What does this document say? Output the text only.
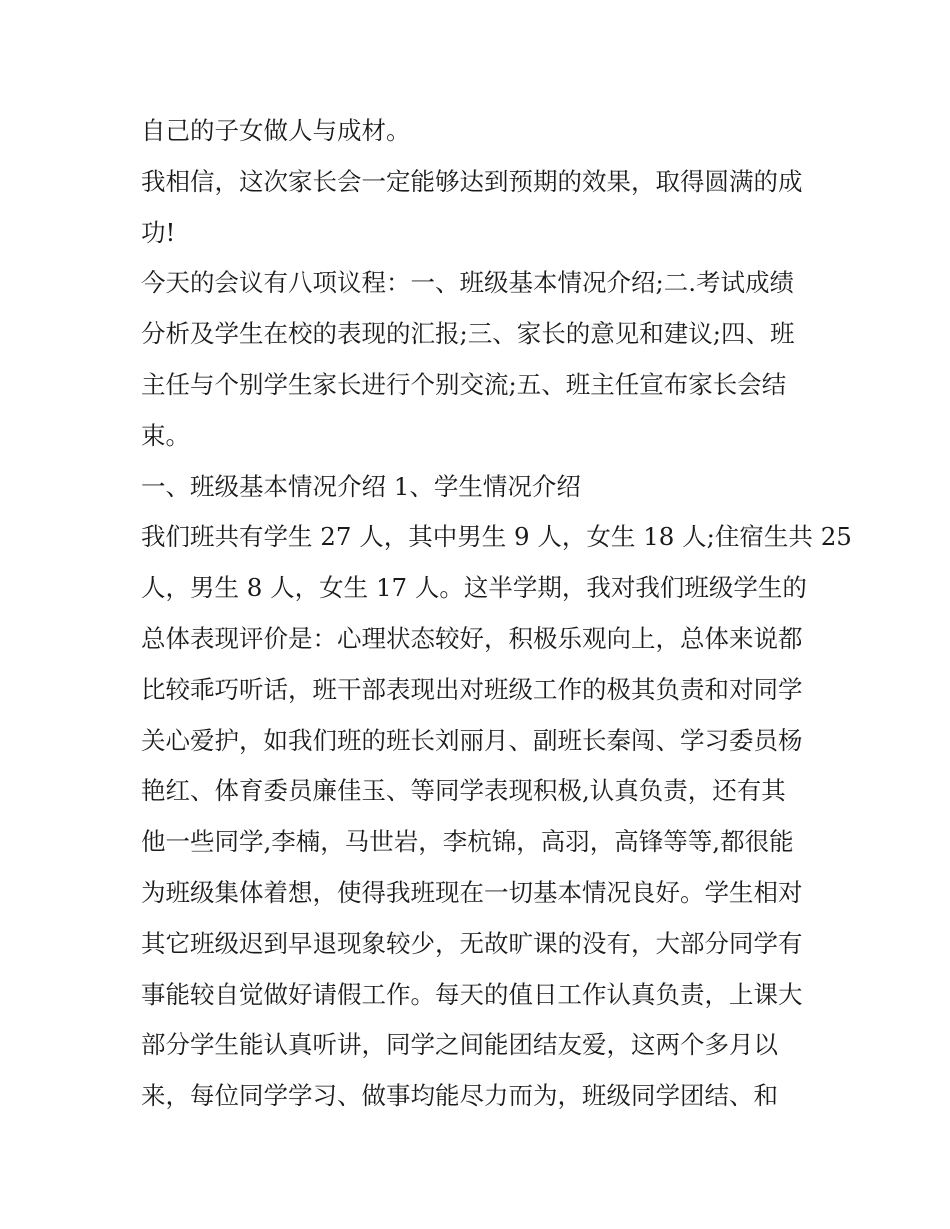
自己的子女做人与成材。
我相信，这次家长会一定能够达到预期的效果，取得圆满的成
功!
今天的会议有八项议程：一、班级基本情况介绍;二.考试成绩
分析及学生在校的表现的汇报;三、家长的意见和建议;四、班
主任与个别学生家长进行个别交流;五、班主任宣布家长会结
束。
一、班级基本情况介绍 1、学生情况介绍
我们班共有学生 27 人，其中男生 9 人，女生 18 人;住宿生共 25
人，男生 8 人，女生 17 人。这半学期，我对我们班级学生的
总体表现评价是：心理状态较好，积极乐观向上，总体来说都
比较乖巧听话，班干部表现出对班级工作的极其负责和对同学
关心爱护，如我们班的班长刘丽月、副班长秦闯、学习委员杨
艳红、体育委员廉佳玉、等同学表现积极,认真负责，还有其
他一些同学,李楠，马世岩，李杭锦，高羽，高锋等等,都很能
为班级集体着想，使得我班现在一切基本情况良好。学生相对
其它班级迟到早退现象较少，无故旷课的没有，大部分同学有
事能较自觉做好请假工作。每天的值日工作认真负责，上课大
部分学生能认真听讲，同学之间能团结友爱，这两个多月以
来，每位同学学习、做事均能尽力而为，班级同学团结、和
